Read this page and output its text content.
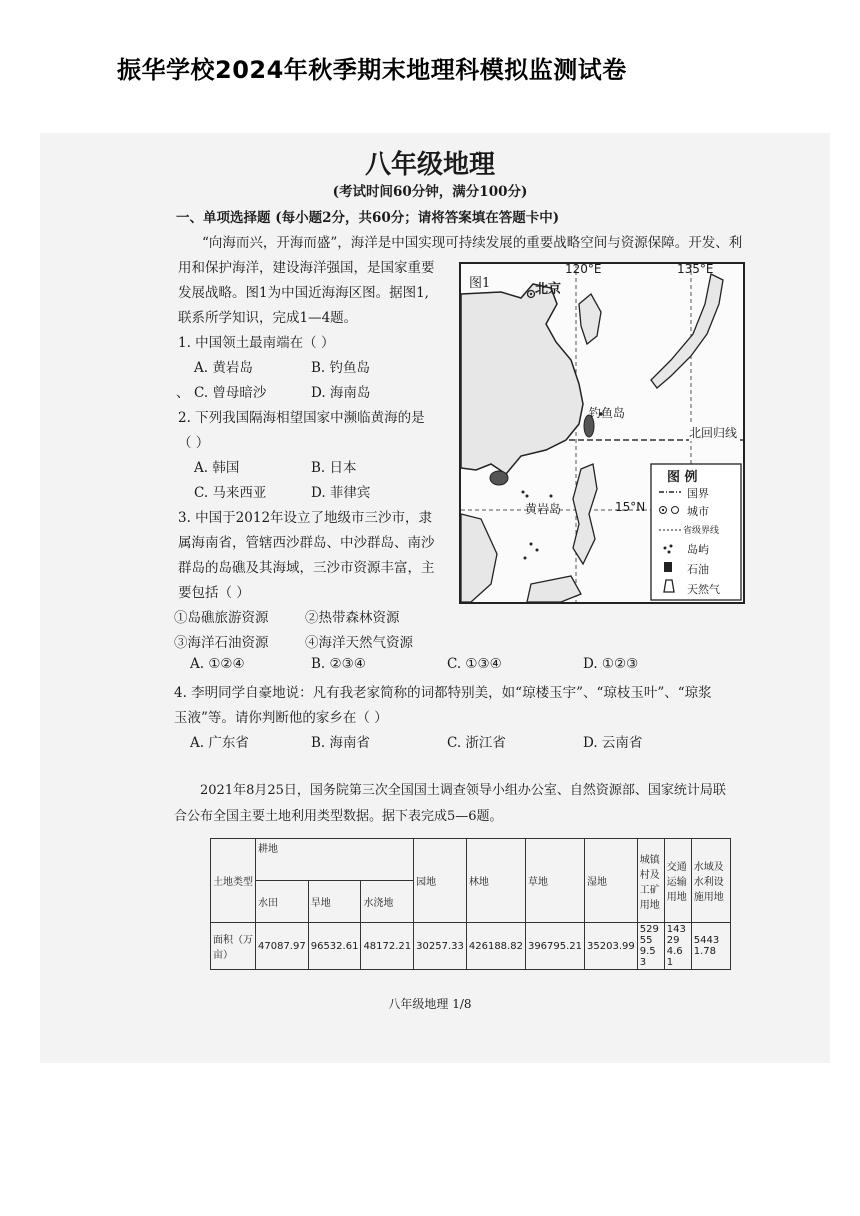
振华学校2024年秋季期末地理科模拟监测试卷
八年级地理
(考试时间60分钟，满分100分)
一、单项选择题 (每小题2分，共60分；请将答案填在答题卡中)
“向海而兴，开海而盛”，海洋是中国实现可持续发展的重要战略空间与资源保障。开发、利
用和保护海洋，建设海洋强国，是国家重要
发展战略。图1为中国近海海区图。据图1,
联系所学知识，完成1—4题。
1. 中国领土最南端在（ ）
A. 黄岩岛	B. 钓鱼岛
、 C. 曾母暗沙	D. 海南岛
2. 下列我国隔海相望国家中濒临黄海的是
（ ）
A. 韩国	B. 日本
C. 马来西亚	D. 菲律宾
3. 中国于2012年设立了地级市三沙市，隶
属海南省，管辖西沙群岛、中沙群岛、南沙
群岛的岛礁及其海域，三沙市资源丰富，主
要包括（ ）
①岛礁旅游资源	②热带森林资源
③海洋石油资源	④海洋天然气资源
A. ①②④	B. ②③④	C. ①③④	D. ①②③
4. 李明同学自豪地说：凡有我老家简称的词都特别美，如“琼楼玉宇”、“琼枝玉叶”、“琼浆
玉液”等。请你判断他的家乡在（ ）
A. 广东省	B. 海南省	C. 浙江省	D. 云南省
2021年8月25日，国务院第三次全国国土调查领导小组办公室、自然资源部、国家统计局联
合公布全国主要土地利用类型数据。据下表完成5—6题。
图1
120°E	135°E
北京
钓鱼岛
黄岩岛
北回归线
15°N
图 例
国界
城市
省级界线
岛屿
石油
天然气
土地类型	耕地			园地	林地	草地	湿地	城镇村及工矿用地	交通运输用地	水域及水利设施用地
	水田	旱地	水浇地							
面积（万亩）	47087.97	96532.61	48172.21	30257.33	426188.82	396795.21	35203.99	529559.53	143294.61	54431.78
八年级地理 1/8
